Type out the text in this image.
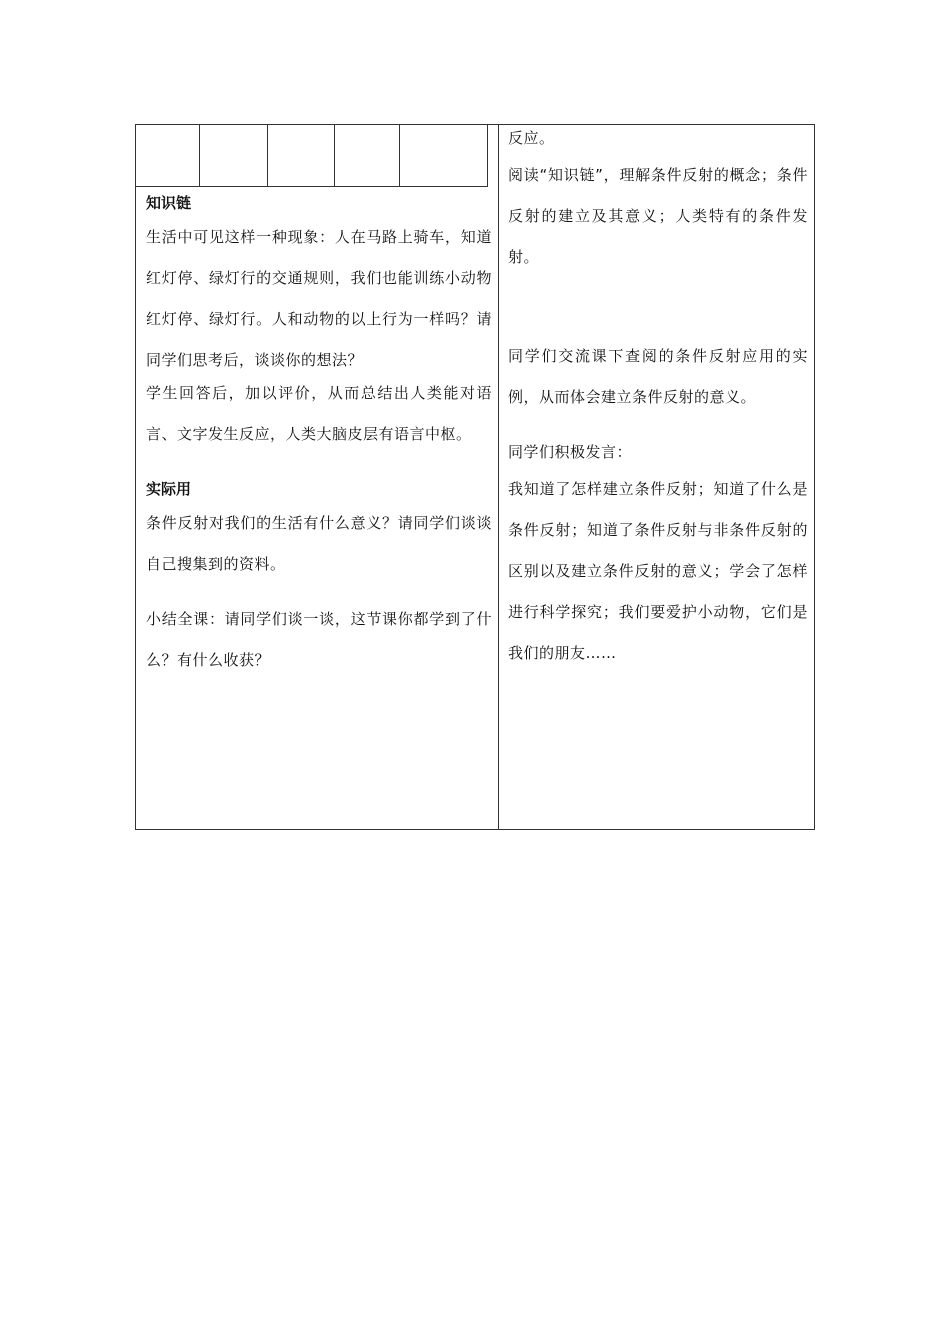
知识链

生活中可见这样一种现象：人在马路上骑车，知道红灯停、绿灯行的交通规则，我们也能训练小动物红灯停、绿灯行。人和动物的以上行为一样吗？请同学们思考后，谈谈你的想法？

学生回答后，加以评价，从而总结出人类能对语言、文字发生反应，人类大脑皮层有语言中枢。

实际用

条件反射对我们的生活有什么意义？请同学们谈谈自己搜集到的资料。

小结全课：请同学们谈一谈，这节课你都学到了什么？有什么收获？

反应。

阅读“知识链”，理解条件反射的概念；条件反射的建立及其意义；人类特有的条件发射。

同学们交流课下查阅的条件反射应用的实例，从而体会建立条件反射的意义。

同学们积极发言：

我知道了怎样建立条件反射；知道了什么是条件反射；知道了条件反射与非条件反射的区别以及建立条件反射的意义；学会了怎样进行科学探究；我们要爱护小动物，它们是我们的朋友……
